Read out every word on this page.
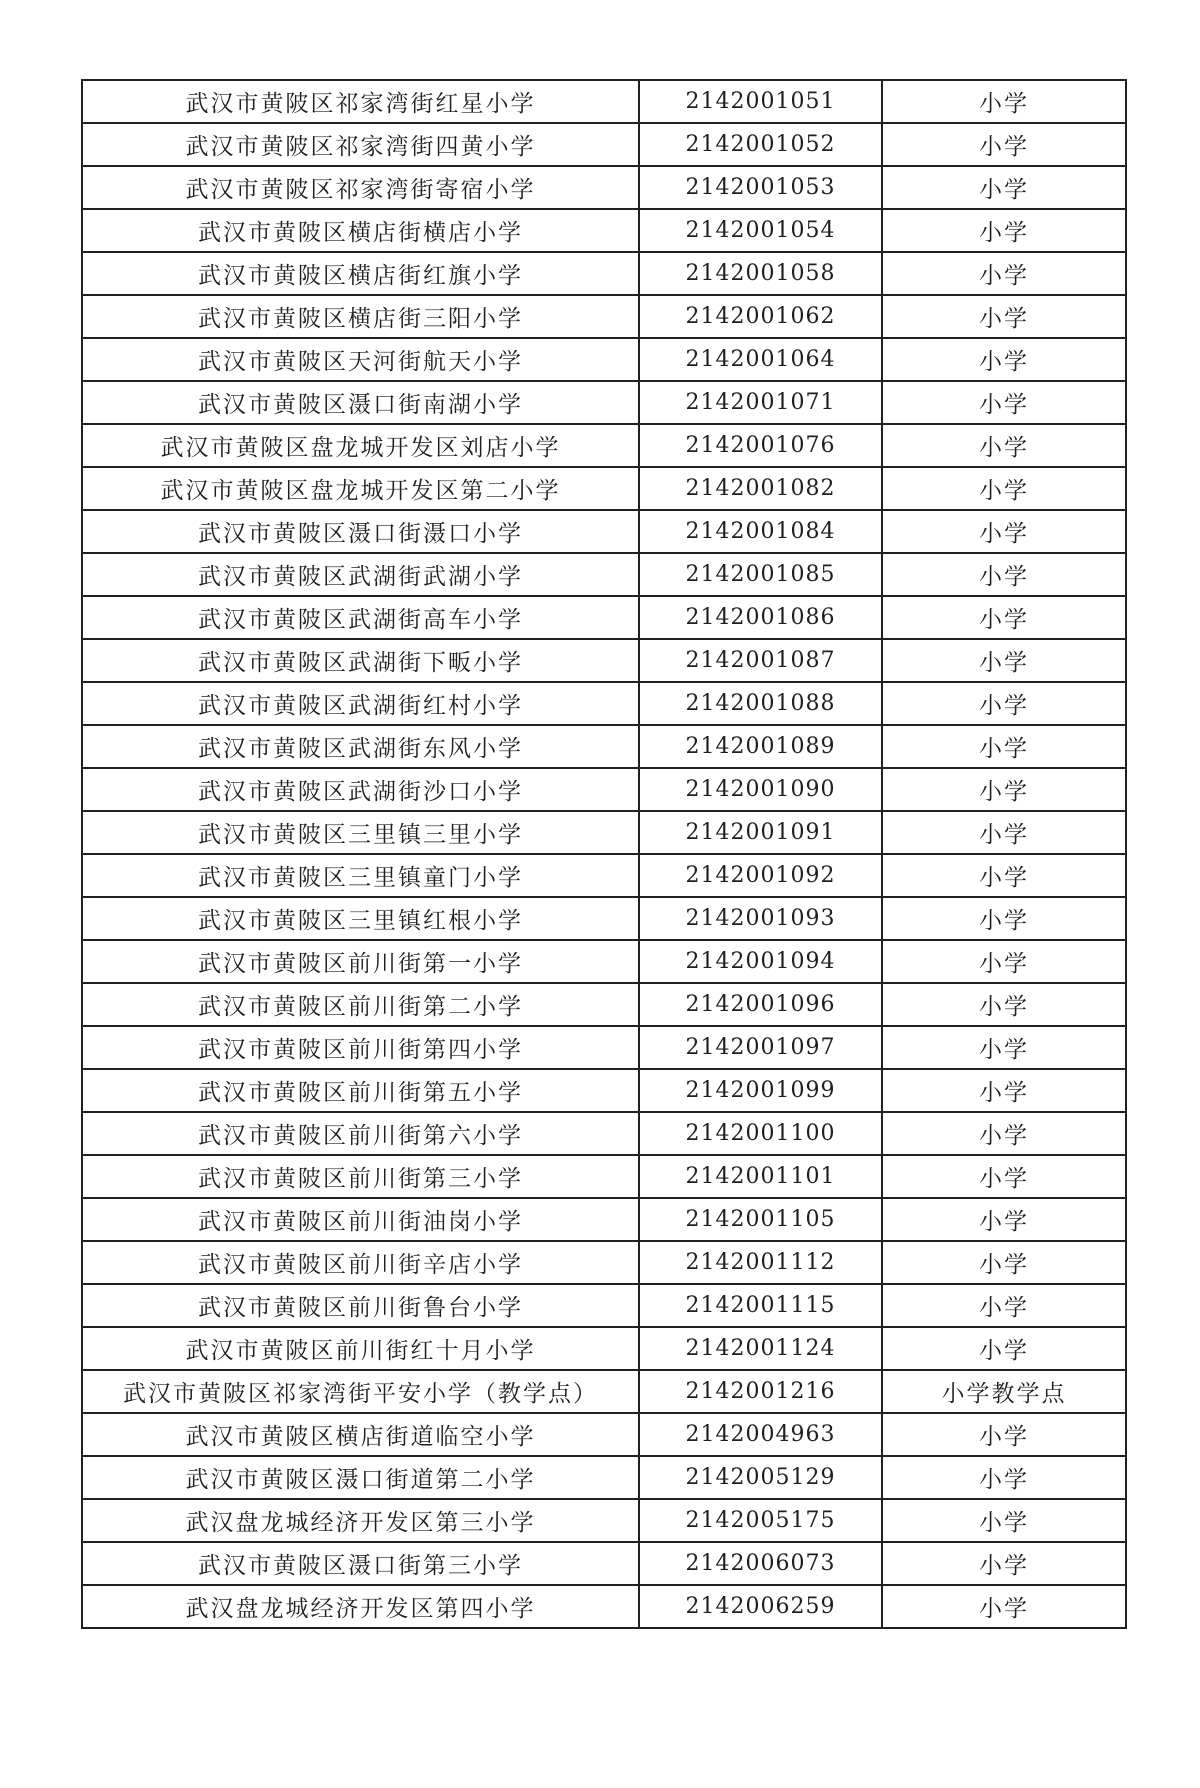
武汉市黄陂区祁家湾街红星小学	2142001051	小学
武汉市黄陂区祁家湾街四黄小学	2142001052	小学
武汉市黄陂区祁家湾街寄宿小学	2142001053	小学
武汉市黄陂区横店街横店小学	2142001054	小学
武汉市黄陂区横店街红旗小学	2142001058	小学
武汉市黄陂区横店街三阳小学	2142001062	小学
武汉市黄陂区天河街航天小学	2142001064	小学
武汉市黄陂区滠口街南湖小学	2142001071	小学
武汉市黄陂区盘龙城开发区刘店小学	2142001076	小学
武汉市黄陂区盘龙城开发区第二小学	2142001082	小学
武汉市黄陂区滠口街滠口小学	2142001084	小学
武汉市黄陂区武湖街武湖小学	2142001085	小学
武汉市黄陂区武湖街高车小学	2142001086	小学
武汉市黄陂区武湖街下畈小学	2142001087	小学
武汉市黄陂区武湖街红村小学	2142001088	小学
武汉市黄陂区武湖街东风小学	2142001089	小学
武汉市黄陂区武湖街沙口小学	2142001090	小学
武汉市黄陂区三里镇三里小学	2142001091	小学
武汉市黄陂区三里镇童门小学	2142001092	小学
武汉市黄陂区三里镇红根小学	2142001093	小学
武汉市黄陂区前川街第一小学	2142001094	小学
武汉市黄陂区前川街第二小学	2142001096	小学
武汉市黄陂区前川街第四小学	2142001097	小学
武汉市黄陂区前川街第五小学	2142001099	小学
武汉市黄陂区前川街第六小学	2142001100	小学
武汉市黄陂区前川街第三小学	2142001101	小学
武汉市黄陂区前川街油岗小学	2142001105	小学
武汉市黄陂区前川街辛店小学	2142001112	小学
武汉市黄陂区前川街鲁台小学	2142001115	小学
武汉市黄陂区前川街红十月小学	2142001124	小学
武汉市黄陂区祁家湾街平安小学（教学点）	2142001216	小学教学点
武汉市黄陂区横店街道临空小学	2142004963	小学
武汉市黄陂区滠口街道第二小学	2142005129	小学
武汉盘龙城经济开发区第三小学	2142005175	小学
武汉市黄陂区滠口街第三小学	2142006073	小学
武汉盘龙城经济开发区第四小学	2142006259	小学
